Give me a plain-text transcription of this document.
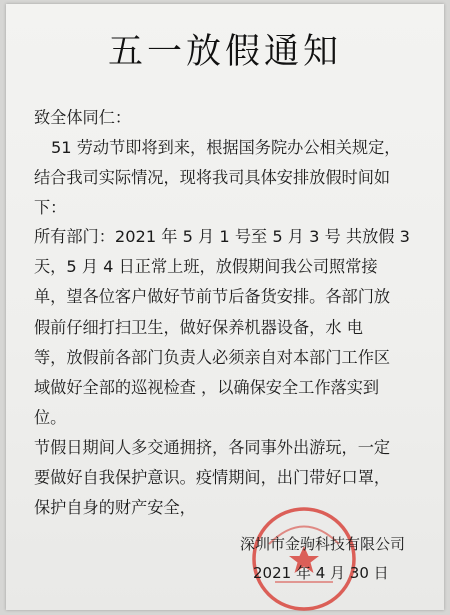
五一放假通知
致全体同仁：
51 劳动节即将到来，根据国务院办公相关规定，
结合我司实际情况，现将我司具体安排放假时间如
下：
所有部门：2021 年 5 月 1 号至 5 月 3 号 共放假 3
天，5 月 4 日正常上班，放假期间我公司照常接
单，望各位客户做好节前节后备货安排。各部门放
假前仔细打扫卫生，做好保养机器设备，水 电
等，放假前各部门负责人必须亲自对本部门工作区
域做好全部的巡视检查 ，以确保安全工作落实到
位。
节假日期间人多交通拥挤，各同事外出游玩，一定
要做好自我保护意识。疫情期间，出门带好口罩，
保护自身的财产安全，
深圳市金驹科技有限公司
2021 年 4 月 30 日
